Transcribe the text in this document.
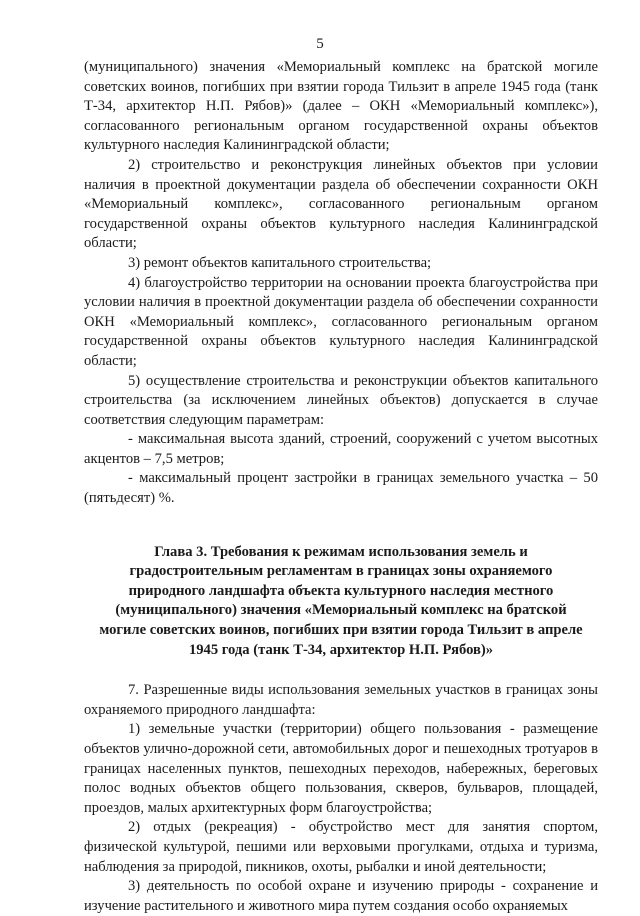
5

(муниципального) значения «Мемориальный комплекс на братской могиле советских воинов, погибших при взятии города Тильзит в апреле 1945 года (танк Т-34, архитектор Н.П. Рябов)» (далее – ОКН «Мемориальный комплекс»), согласованного региональным органом государственной охраны объектов культурного наследия Калининградской области;

2) строительство и реконструкция линейных объектов при условии наличия в проектной документации раздела об обеспечении сохранности ОКН «Мемориальный комплекс», согласованного региональным органом государственной охраны объектов культурного наследия Калининградской области;

3) ремонт объектов капитального строительства;

4) благоустройство территории на основании проекта благоустройства при условии наличия в проектной документации раздела об обеспечении сохранности ОКН «Мемориальный комплекс», согласованного региональным органом государственной охраны объектов культурного наследия Калининградской области;

5) осуществление строительства и реконструкции объектов капитального строительства (за исключением линейных объектов) допускается в случае соответствия следующим параметрам:

- максимальная высота зданий, строений, сооружений с учетом высотных акцентов – 7,5 метров;

- максимальный процент застройки в границах земельного участка – 50 (пятьдесят) %.

Глава 3. Требования к режимам использования земель и градостроительным регламентам в границах зоны охраняемого природного ландшафта объекта культурного наследия местного (муниципального) значения «Мемориальный комплекс на братской могиле советских воинов, погибших при взятии города Тильзит в апреле 1945 года (танк Т-34, архитектор Н.П. Рябов)»

7. Разрешенные виды использования земельных участков в границах зоны охраняемого природного ландшафта:

1) земельные участки (территории) общего пользования - размещение объектов улично-дорожной сети, автомобильных дорог и пешеходных тротуаров в границах населенных пунктов, пешеходных переходов, набережных, береговых полос водных объектов общего пользования, скверов, бульваров, площадей, проездов, малых архитектурных форм благоустройства;

2) отдых (рекреация) - обустройство мест для занятия спортом, физической культурой, пешими или верховыми прогулками, отдыха и туризма, наблюдения за природой, пикников, охоты, рыбалки и иной деятельности;

3) деятельность по особой охране и изучению природы - сохранение и изучение растительного и животного мира путем создания особо охраняемых
